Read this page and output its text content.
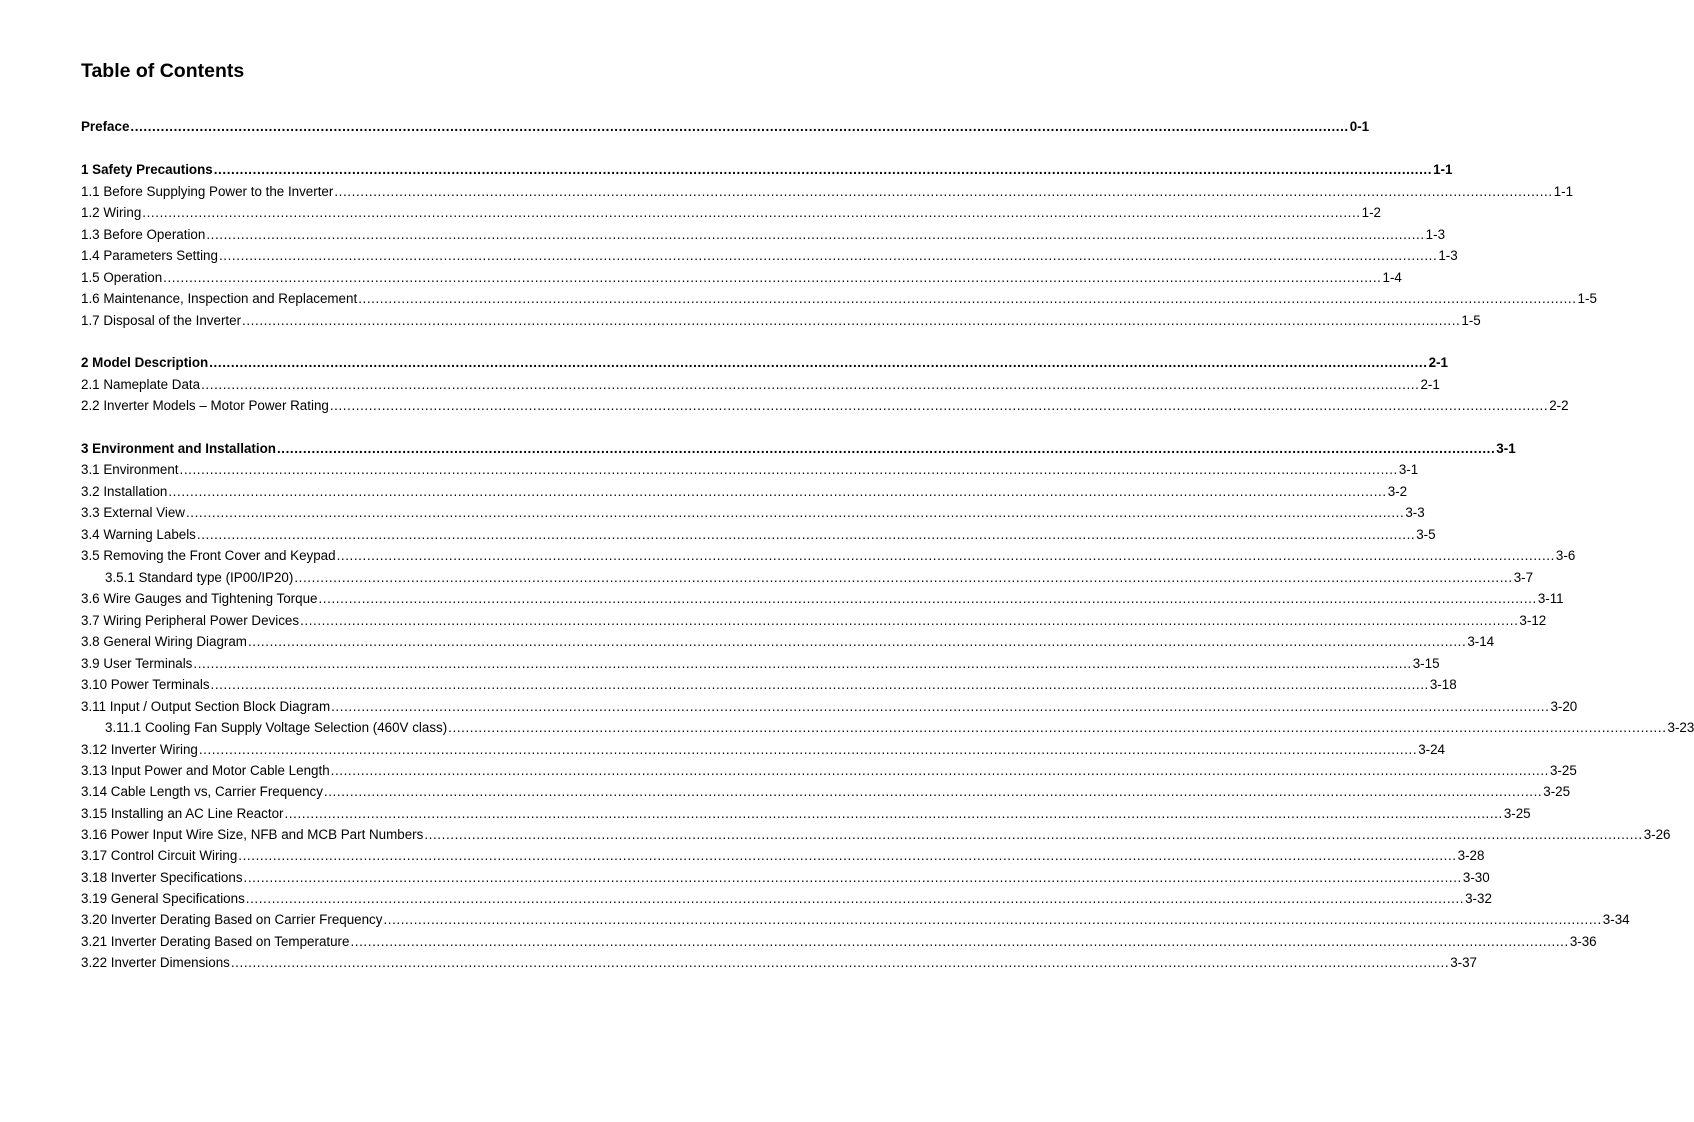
Table of Contents
Preface .......................................................................................................................................................................................................................................................................................... 0-1
1 Safety Precautions .......................................................................................................................................................................................................................................................................................... 1-1
1.1 Before Supplying Power to the Inverter .......................................................................................................................................................................................................................................................................................... 1-1
1.2 Wiring .......................................................................................................................................................................................................................................................................................... 1-2
1.3 Before Operation .......................................................................................................................................................................................................................................................................................... 1-3
1.4 Parameters Setting .......................................................................................................................................................................................................................................................................................... 1-3
1.5 Operation .......................................................................................................................................................................................................................................................................................... 1-4
1.6 Maintenance, Inspection and Replacement .......................................................................................................................................................................................................................................................................................... 1-5
1.7 Disposal of the Inverter .......................................................................................................................................................................................................................................................................................... 1-5
2 Model Description .......................................................................................................................................................................................................................................................................................... 2-1
2.1 Nameplate Data .......................................................................................................................................................................................................................................................................................... 2-1
2.2 Inverter Models – Motor Power Rating .......................................................................................................................................................................................................................................................................................... 2-2
3 Environment and Installation .......................................................................................................................................................................................................................................................................................... 3-1
3.1 Environment .......................................................................................................................................................................................................................................................................................... 3-1
3.2 Installation .......................................................................................................................................................................................................................................................................................... 3-2
3.3 External View .......................................................................................................................................................................................................................................................................................... 3-3
3.4 Warning Labels .......................................................................................................................................................................................................................................................................................... 3-5
3.5 Removing the Front Cover and Keypad .......................................................................................................................................................................................................................................................................................... 3-6
3.5.1 Standard type (IP00/IP20) .......................................................................................................................................................................................................................................................................................... 3-7
3.6 Wire Gauges and Tightening Torque .......................................................................................................................................................................................................................................................................................... 3-11
3.7 Wiring Peripheral Power Devices .......................................................................................................................................................................................................................................................................................... 3-12
3.8 General Wiring Diagram .......................................................................................................................................................................................................................................................................................... 3-14
3.9 User Terminals .......................................................................................................................................................................................................................................................................................... 3-15
3.10 Power Terminals .......................................................................................................................................................................................................................................................................................... 3-18
3.11 Input / Output Section Block Diagram .......................................................................................................................................................................................................................................................................................... 3-20
3.11.1 Cooling Fan Supply Voltage Selection (460V class) .......................................................................................................................................................................................................................................................................................... 3-23
3.12 Inverter Wiring .......................................................................................................................................................................................................................................................................................... 3-24
3.13 Input Power and Motor Cable Length .......................................................................................................................................................................................................................................................................................... 3-25
3.14 Cable Length vs, Carrier Frequency .......................................................................................................................................................................................................................................................................................... 3-25
3.15 Installing an AC Line Reactor .......................................................................................................................................................................................................................................................................................... 3-25
3.16 Power Input Wire Size, NFB and MCB Part Numbers .......................................................................................................................................................................................................................................................................................... 3-26
3.17 Control Circuit Wiring .......................................................................................................................................................................................................................................................................................... 3-28
3.18 Inverter Specifications .......................................................................................................................................................................................................................................................................................... 3-30
3.19 General Specifications .......................................................................................................................................................................................................................................................................................... 3-32
3.20 Inverter Derating Based on Carrier Frequency .......................................................................................................................................................................................................................................................................................... 3-34
3.21 Inverter Derating Based on Temperature .......................................................................................................................................................................................................................................................................................... 3-36
3.22 Inverter Dimensions .......................................................................................................................................................................................................................................................................................... 3-37
